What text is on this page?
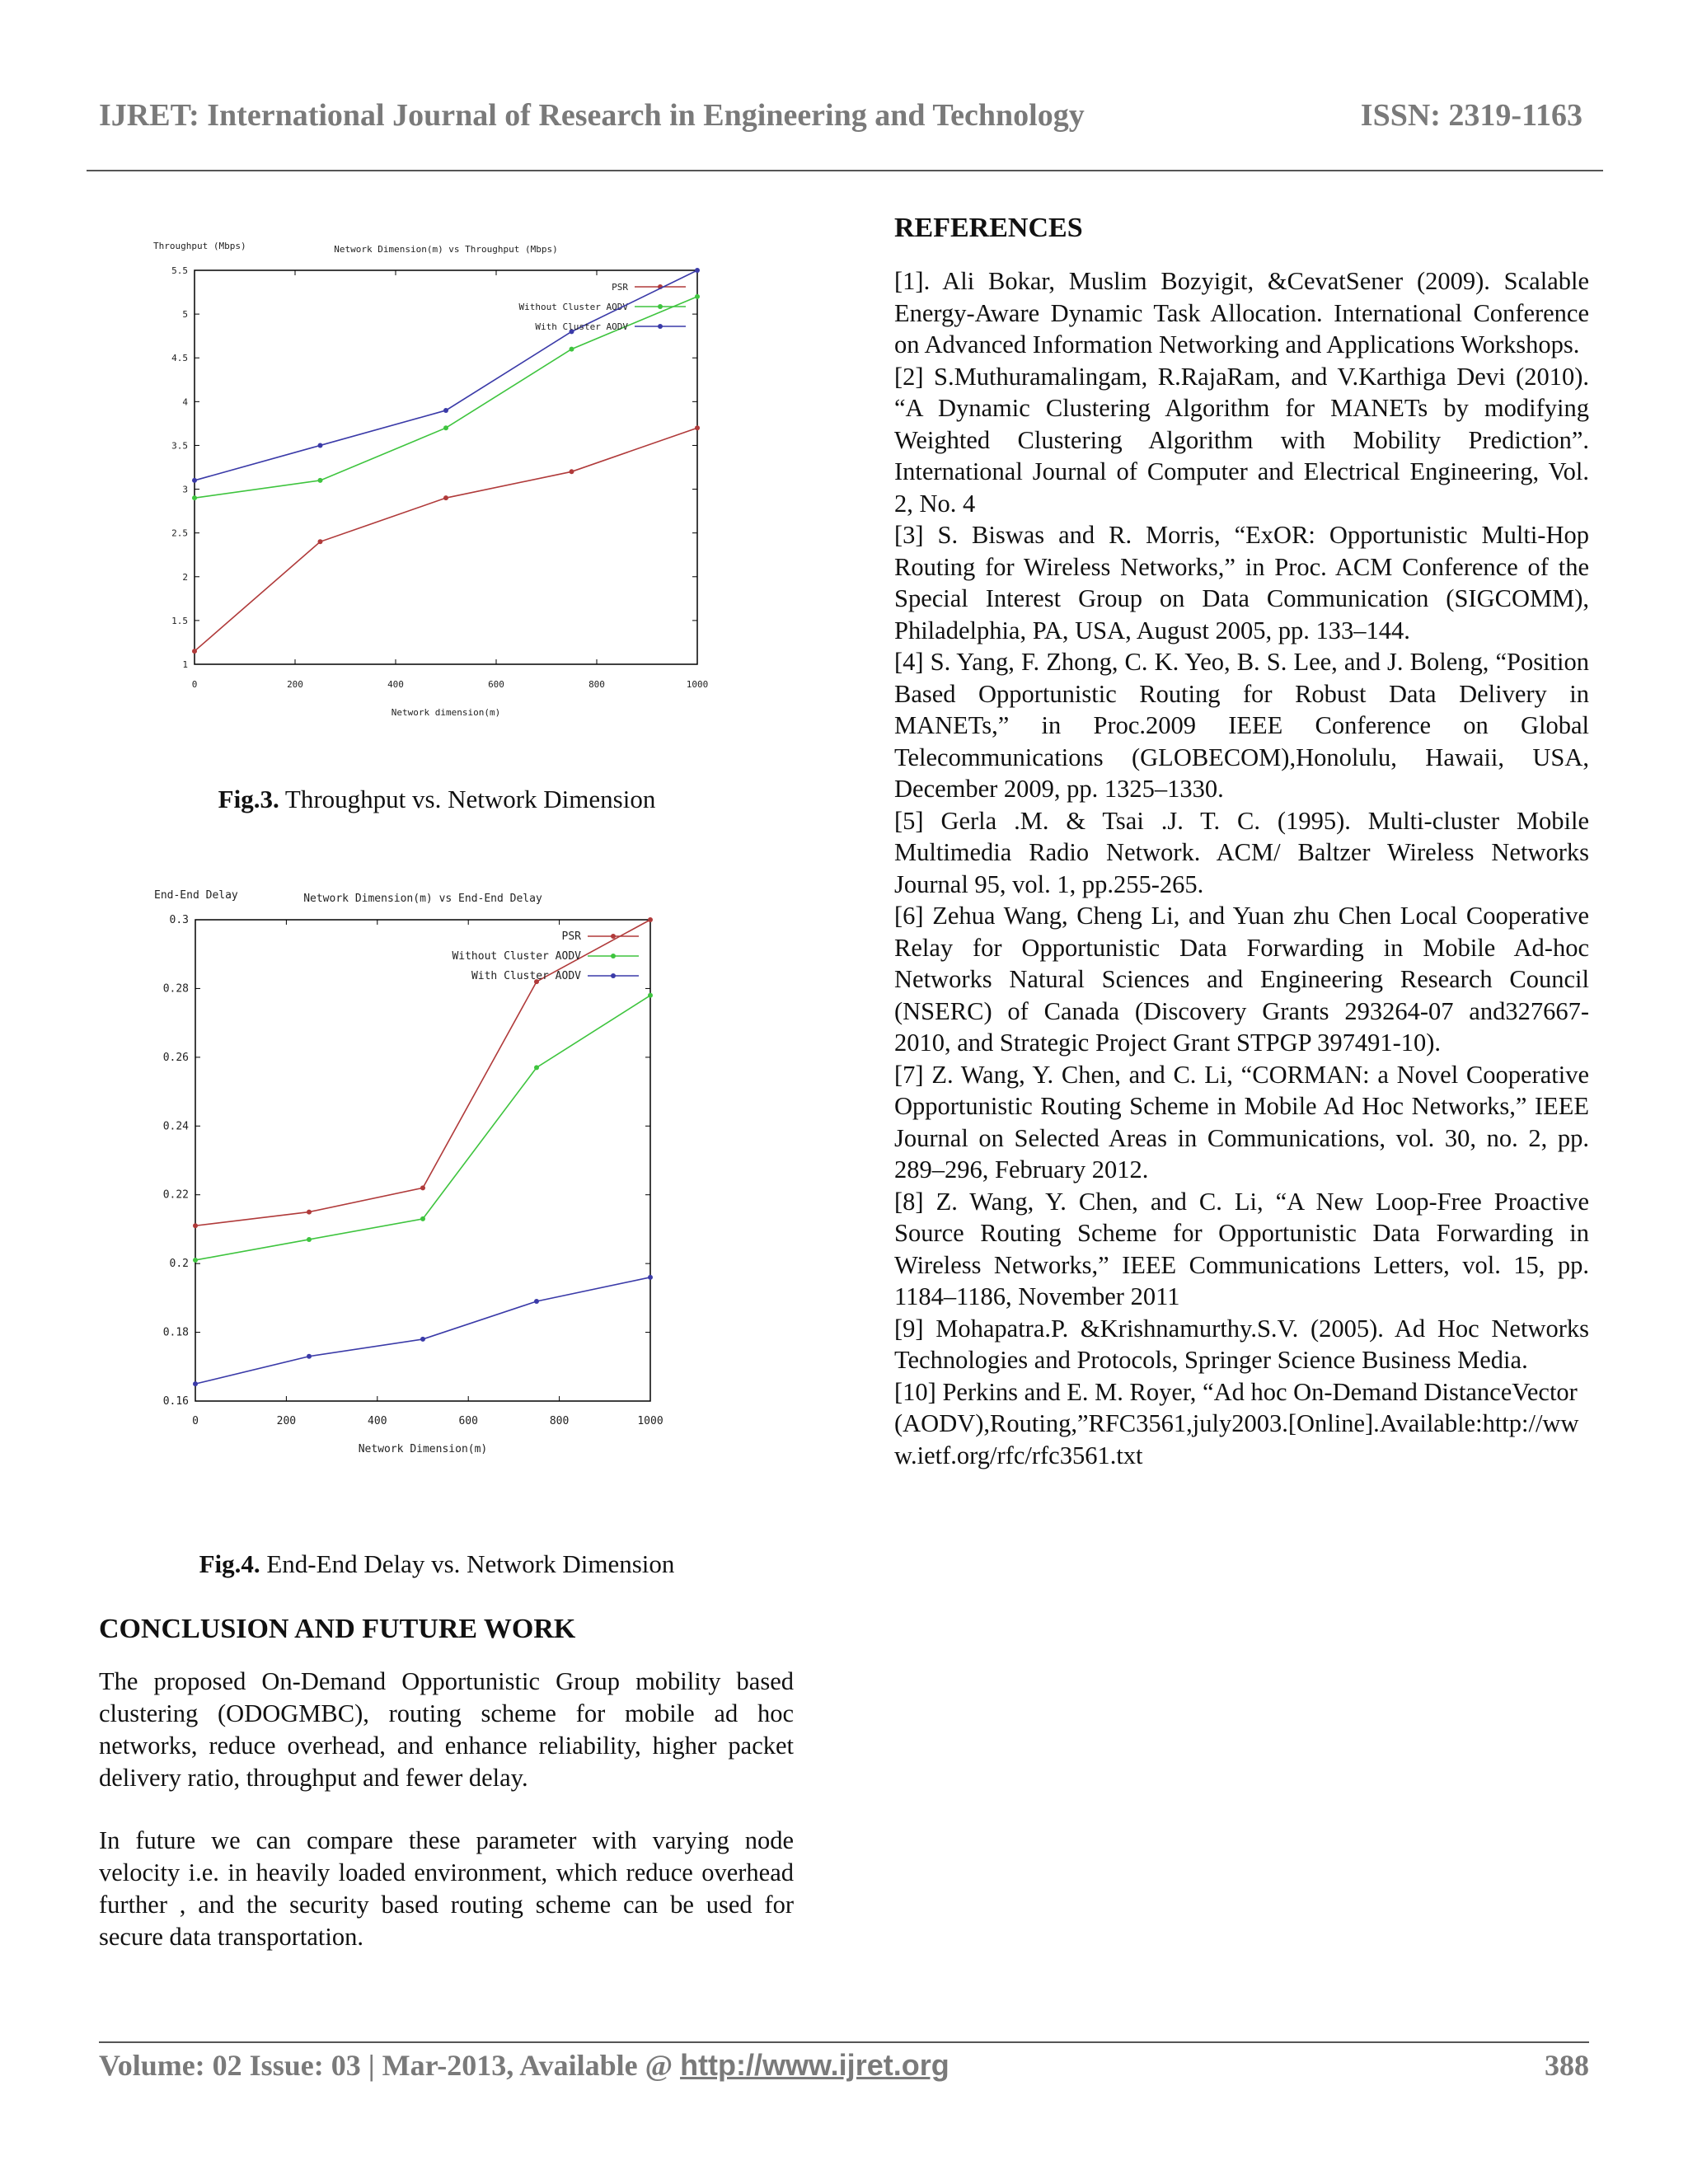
IJRET: International Journal of Research in Engineering and Technology	ISSN: 2319-1163
Network Dimension(m) vs Throughput (Mbps)
Throughput (Mbps)
Network dimension(m)
1
1.5
2
2.5
3
3.5
4
4.5
5
5.5
0	200	400	600	800	1000
PSR
Without Cluster AODV
With Cluster AODV
Fig.3. Throughput vs. Network Dimension
Network Dimension(m) vs End-End Delay
End-End Delay
Network Dimension(m)
0.16
0.18
0.2
0.22
0.24
0.26
0.28
0.3
0	200	400	600	800	1000
PSR
Without Cluster AODV
With Cluster AODV
Fig.4. End-End Delay vs. Network Dimension
CONCLUSION AND FUTURE WORK
The proposed On-Demand Opportunistic Group mobility based clustering (ODOGMBC), routing scheme for mobile ad hoc networks, reduce overhead, and enhance reliability, higher packet delivery ratio, throughput and fewer delay.
In future we can compare these parameter with varying node velocity i.e. in heavily loaded environment, which reduce overhead further , and the security based routing scheme can be used for secure data transportation.
REFERENCES

[1]. Ali Bokar, Muslim Bozyigit, &CevatSener (2009). Scalable Energy-Aware Dynamic Task Allocation. International Conference on Advanced Information Networking and Applications Workshops.

[2] S.Muthuramalingam, R.RajaRam, and V.Karthiga Devi (2010). “A Dynamic Clustering Algorithm for MANETs by modifying Weighted Clustering Algorithm with Mobility Prediction”. International Journal of Computer and Electrical Engineering, Vol. 2, No. 4

[3] S. Biswas and R. Morris, “ExOR: Opportunistic Multi-Hop Routing for Wireless Networks,” in Proc. ACM Conference of the Special Interest Group on Data Communication (SIGCOMM), Philadelphia, PA, USA, August 2005, pp. 133–144.

[4] S. Yang, F. Zhong, C. K. Yeo, B. S. Lee, and J. Boleng, “Position Based Opportunistic Routing for Robust Data Delivery in MANETs,” in Proc.2009 IEEE Conference on Global Telecommunications (GLOBECOM),Honolulu, Hawaii, USA, December 2009, pp. 1325–1330.

[5] Gerla .M. & Tsai .J. T. C. (1995). Multi-cluster Mobile Multimedia Radio Network. ACM/ Baltzer Wireless Networks Journal 95, vol. 1, pp.255-265.

[6] Zehua Wang, Cheng Li, and Yuan zhu Chen Local Cooperative Relay for Opportunistic Data Forwarding in Mobile Ad-hoc Networks Natural Sciences and Engineering Research Council (NSERC) of Canada (Discovery Grants 293264-07 and327667-2010, and Strategic Project Grant STPGP 397491-10).

[7] Z. Wang, Y. Chen, and C. Li, “CORMAN: a Novel Cooperative Opportunistic Routing Scheme in Mobile Ad Hoc Networks,” IEEE Journal on Selected Areas in Communications, vol. 30, no. 2, pp. 289–296, February 2012.

[8] Z. Wang, Y. Chen, and C. Li, “A New Loop-Free Proactive Source Routing Scheme for Opportunistic Data Forwarding in Wireless Networks,” IEEE Communications Letters, vol. 15, pp. 1184–1186, November 2011

[9] Mohapatra.P. &Krishnamurthy.S.V. (2005). Ad Hoc Networks Technologies and Protocols, Springer Science Business Media.

[10] Perkins and E. M. Royer, “Ad hoc On-Demand DistanceVector(AODV),Routing,”RFC3561,july2003.[Online].Available:http://www.ietf.org/rfc/rfc3561.txt

Volume: 02 Issue: 03 | Mar-2013, Available @ http://www.ijret.org	388
